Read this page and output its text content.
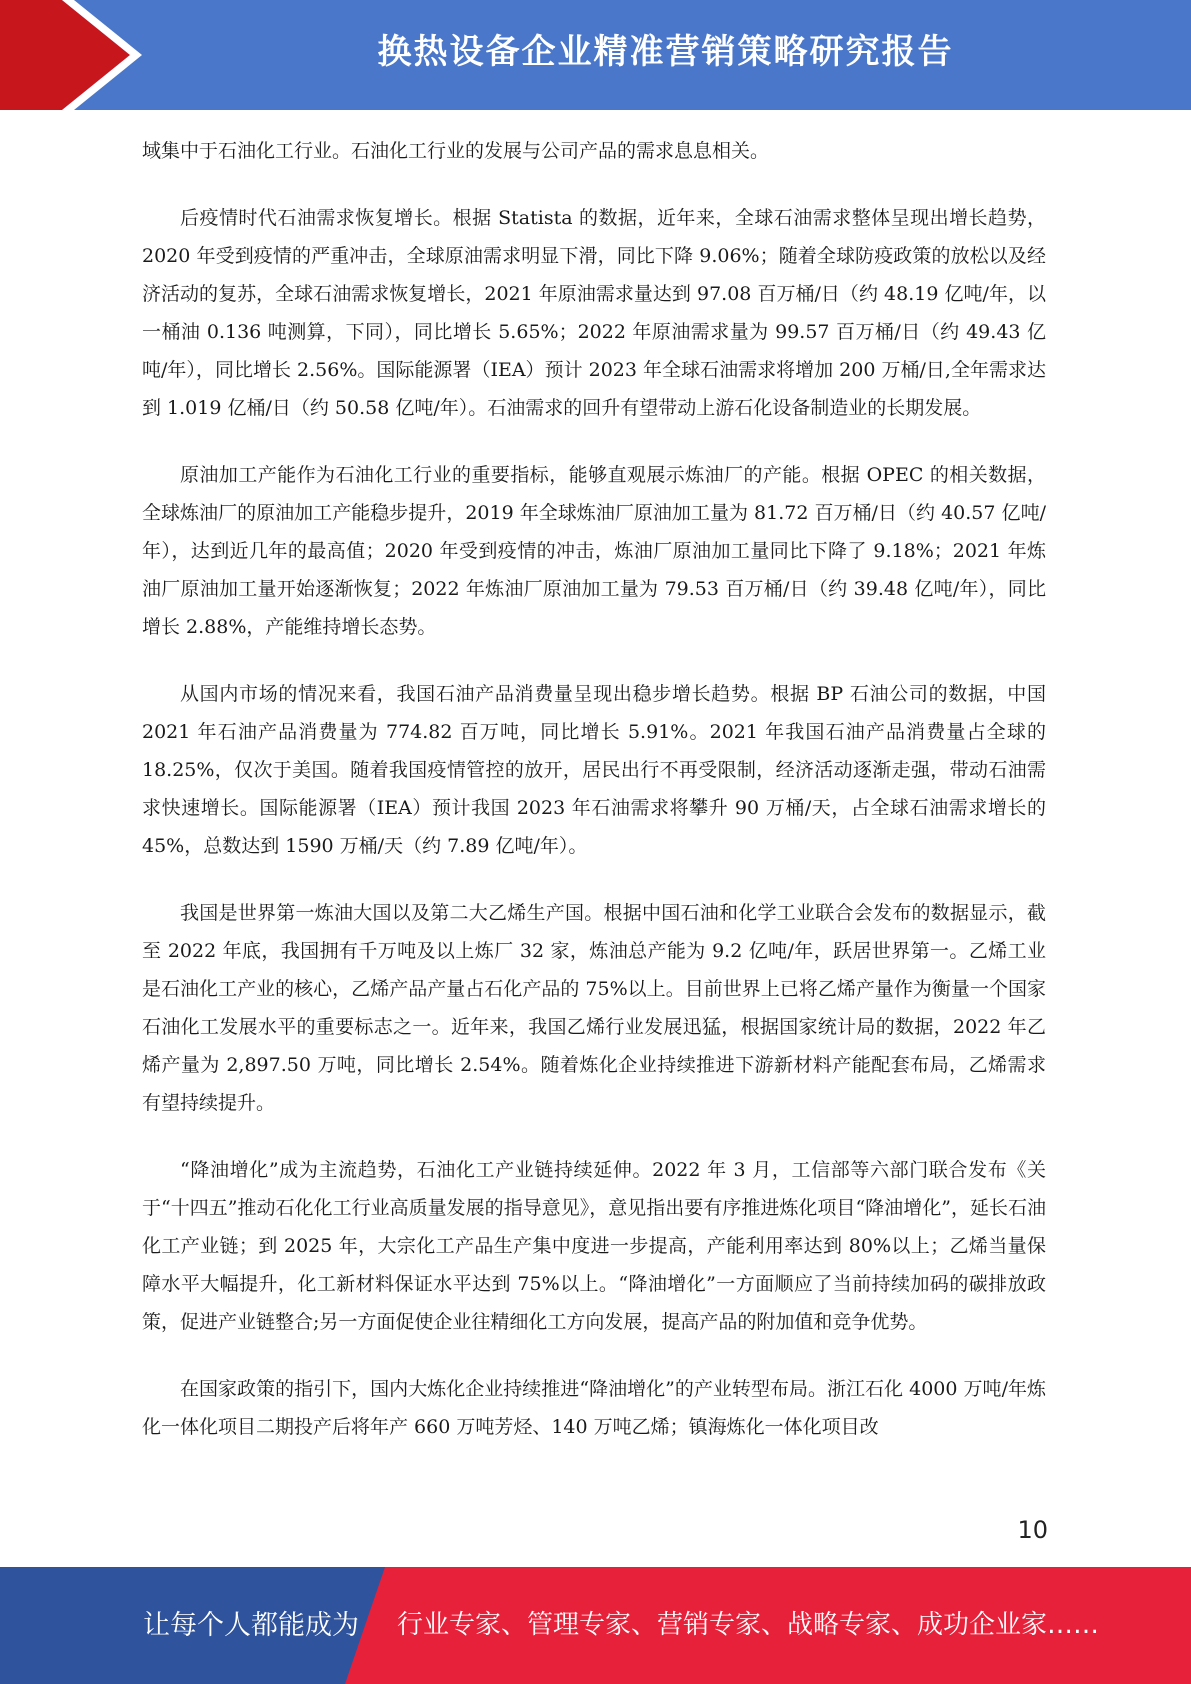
换热设备企业精准营销策略研究报告

域集中于石油化工行业。石油化工行业的发展与公司产品的需求息息相关。

后疫情时代石油需求恢复增长。根据 Statista 的数据，近年来，全球石油需求整体呈现出增长趋势，2020 年受到疫情的严重冲击，全球原油需求明显下滑，同比下降 9.06%；随着全球防疫政策的放松以及经济活动的复苏，全球石油需求恢复增长，2021 年原油需求量达到 97.08 百万桶/日（约 48.19 亿吨/年，以一桶油 0.136 吨测算，下同），同比增长 5.65%；2022 年原油需求量为 99.57 百万桶/日（约 49.43 亿吨/年），同比增长 2.56%。国际能源署（IEA）预计 2023 年全球石油需求将增加 200 万桶/日,全年需求达到 1.019 亿桶/日（约 50.58 亿吨/年）。石油需求的回升有望带动上游石化设备制造业的长期发展。

原油加工产能作为石油化工行业的重要指标，能够直观展示炼油厂的产能。根据 OPEC 的相关数据，全球炼油厂的原油加工产能稳步提升，2019 年全球炼油厂原油加工量为 81.72 百万桶/日（约 40.57 亿吨/年），达到近几年的最高值；2020 年受到疫情的冲击，炼油厂原油加工量同比下降了 9.18%；2021 年炼油厂原油加工量开始逐渐恢复；2022 年炼油厂原油加工量为 79.53 百万桶/日（约 39.48 亿吨/年），同比增长 2.88%，产能维持增长态势。

从国内市场的情况来看，我国石油产品消费量呈现出稳步增长趋势。根据 BP 石油公司的数据，中国 2021 年石油产品消费量为 774.82 百万吨，同比增长 5.91%。2021 年我国石油产品消费量占全球的 18.25%，仅次于美国。随着我国疫情管控的放开，居民出行不再受限制，经济活动逐渐走强，带动石油需求快速增长。国际能源署（IEA）预计我国 2023 年石油需求将攀升 90 万桶/天，占全球石油需求增长的 45%，总数达到 1590 万桶/天（约 7.89 亿吨/年）。

我国是世界第一炼油大国以及第二大乙烯生产国。根据中国石油和化学工业联合会发布的数据显示，截至 2022 年底，我国拥有千万吨及以上炼厂 32 家，炼油总产能为 9.2 亿吨/年，跃居世界第一。乙烯工业是石油化工产业的核心，乙烯产品产量占石化产品的 75%以上。目前世界上已将乙烯产量作为衡量一个国家石油化工发展水平的重要标志之一。近年来，我国乙烯行业发展迅猛，根据国家统计局的数据，2022 年乙烯产量为 2,897.50 万吨，同比增长 2.54%。随着炼化企业持续推进下游新材料产能配套布局，乙烯需求有望持续提升。

“降油增化”成为主流趋势，石油化工产业链持续延伸。2022 年 3 月，工信部等六部门联合发布《关于“十四五”推动石化化工行业高质量发展的指导意见》，意见指出要有序推进炼化项目“降油增化”，延长石油化工产业链；到 2025 年，大宗化工产品生产集中度进一步提高，产能利用率达到 80%以上；乙烯当量保障水平大幅提升，化工新材料保证水平达到 75%以上。“降油增化”一方面顺应了当前持续加码的碳排放政策，促进产业链整合;另一方面促使企业往精细化工方向发展，提高产品的附加值和竞争优势。

在国家政策的指引下，国内大炼化企业持续推进“降油增化”的产业转型布局。浙江石化 4000 万吨/年炼化一体化项目二期投产后将年产 660 万吨芳烃、140 万吨乙烯；镇海炼化一体化项目改

10
让每个人都能成为 行业专家、管理专家、营销专家、战略专家、成功企业家……
